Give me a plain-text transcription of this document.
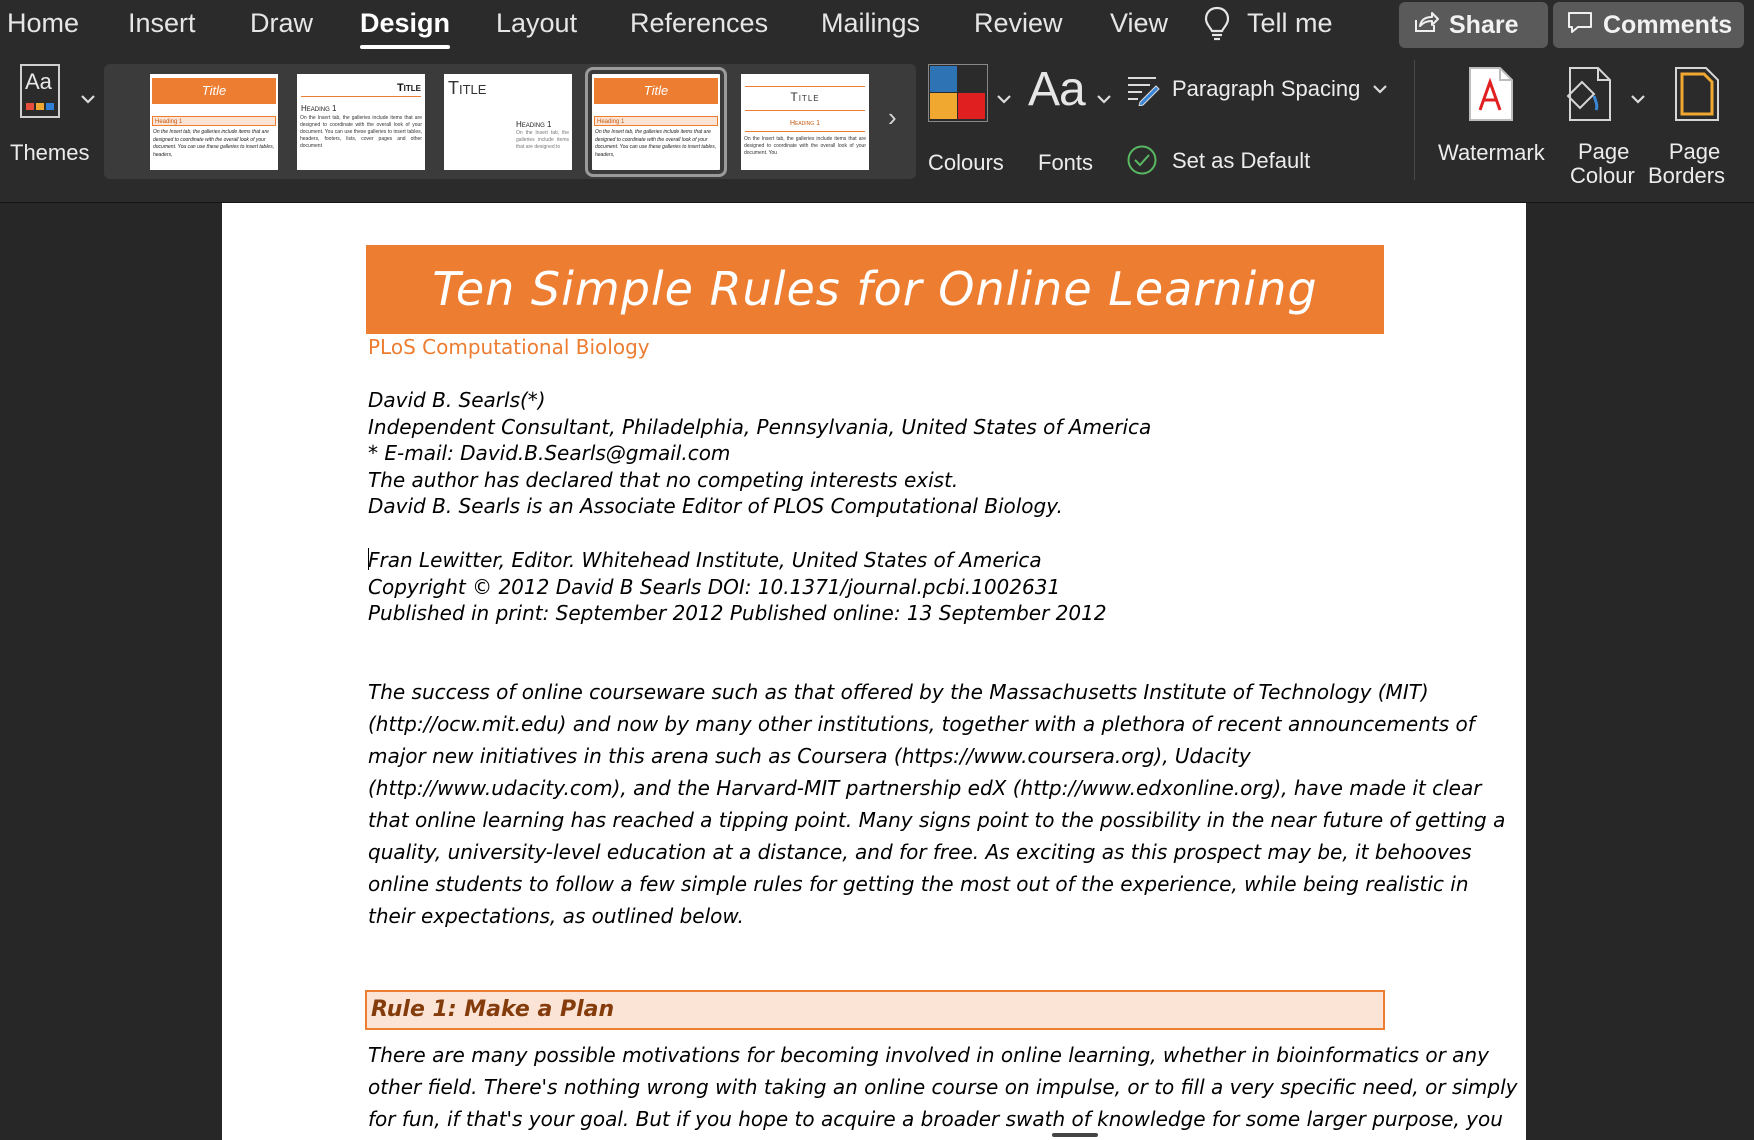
Home Insert Draw Design Layout References Mailings Review View	Tell me	Share	Comments
Aa
Themes
Title
Heading 1
On the Insert tab, the galleries include items that are designed to coordinate with the overall look of your document. You can use these galleries to insert tables, headers,
Title
Heading 1
On the Insert tab, the galleries include items that are designed to coordinate with the overall look of your document. You can use these galleries to insert tables, headers, footers, lists, cover pages and other document
Title
Heading 1
On the Insert tab, the galleries include items that are designed to
Title
Heading 1
On the Insert tab, the galleries include items that are designed to coordinate with the overall look of your document. You can use these galleries to insert tables, headers,
Title
Heading 1
On the Insert tab, the galleries include items that are designed to coordinate with the overall look of your document. You
›
Colours
Aa
Fonts
Paragraph Spacing
Set as Default	Watermark Page
Colour
Page
Borders
Ten Simple Rules for Online Learning
PLoS Computational Biology
David B. Searls(*)
Independent Consultant, Philadelphia, Pennsylvania, United States of America
* E-mail: David.B.Searls@gmail.com
The author has declared that no competing interests exist.
David B. Searls is an Associate Editor of PLOS Computational Biology.
Fran Lewitter, Editor. Whitehead Institute, United States of America
Copyright © 2012 David B Searls DOI: 10.1371/journal.pcbi.1002631
Published in print: September 2012 Published online: 13 September 2012
The success of online courseware such as that offered by the Massachusetts Institute of Technology (MIT)
(http://ocw.mit.edu) and now by many other institutions, together with a plethora of recent announcements of
major new initiatives in this arena such as Coursera (https://www.coursera.org), Udacity
(http://www.udacity.com), and the Harvard-MIT partnership edX (http://www.edxonline.org), have made it clear
that online learning has reached a tipping point. Many signs point to the possibility in the near future of getting a
quality, university-level education at a distance, and for free. As exciting as this prospect may be, it behooves
online students to follow a few simple rules for getting the most out of the experience, while being realistic in
their expectations, as outlined below.
Rule 1: Make a Plan
There are many possible motivations for becoming involved in online learning, whether in bioinformatics or any
other field. There's nothing wrong with taking an online course on impulse, or to fill a very specific need, or simply
for fun, if that's your goal. But if you hope to acquire a broader swath of knowledge for some larger purpose, you
